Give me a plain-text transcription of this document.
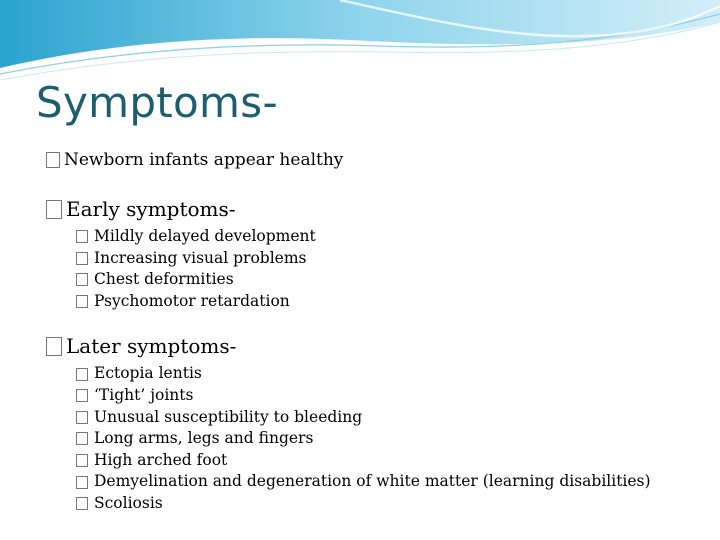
Symptoms-
Newborn infants appear healthy
Early symptoms-
Mildly delayed development
Increasing visual problems
Chest deformities
Psychomotor retardation
Later symptoms-
Ectopia lentis
‘Tight’ joints
Unusual susceptibility to bleeding
Long arms, legs and fingers
High arched foot
Demyelination and degeneration of white matter (learning disabilities)
Scoliosis
